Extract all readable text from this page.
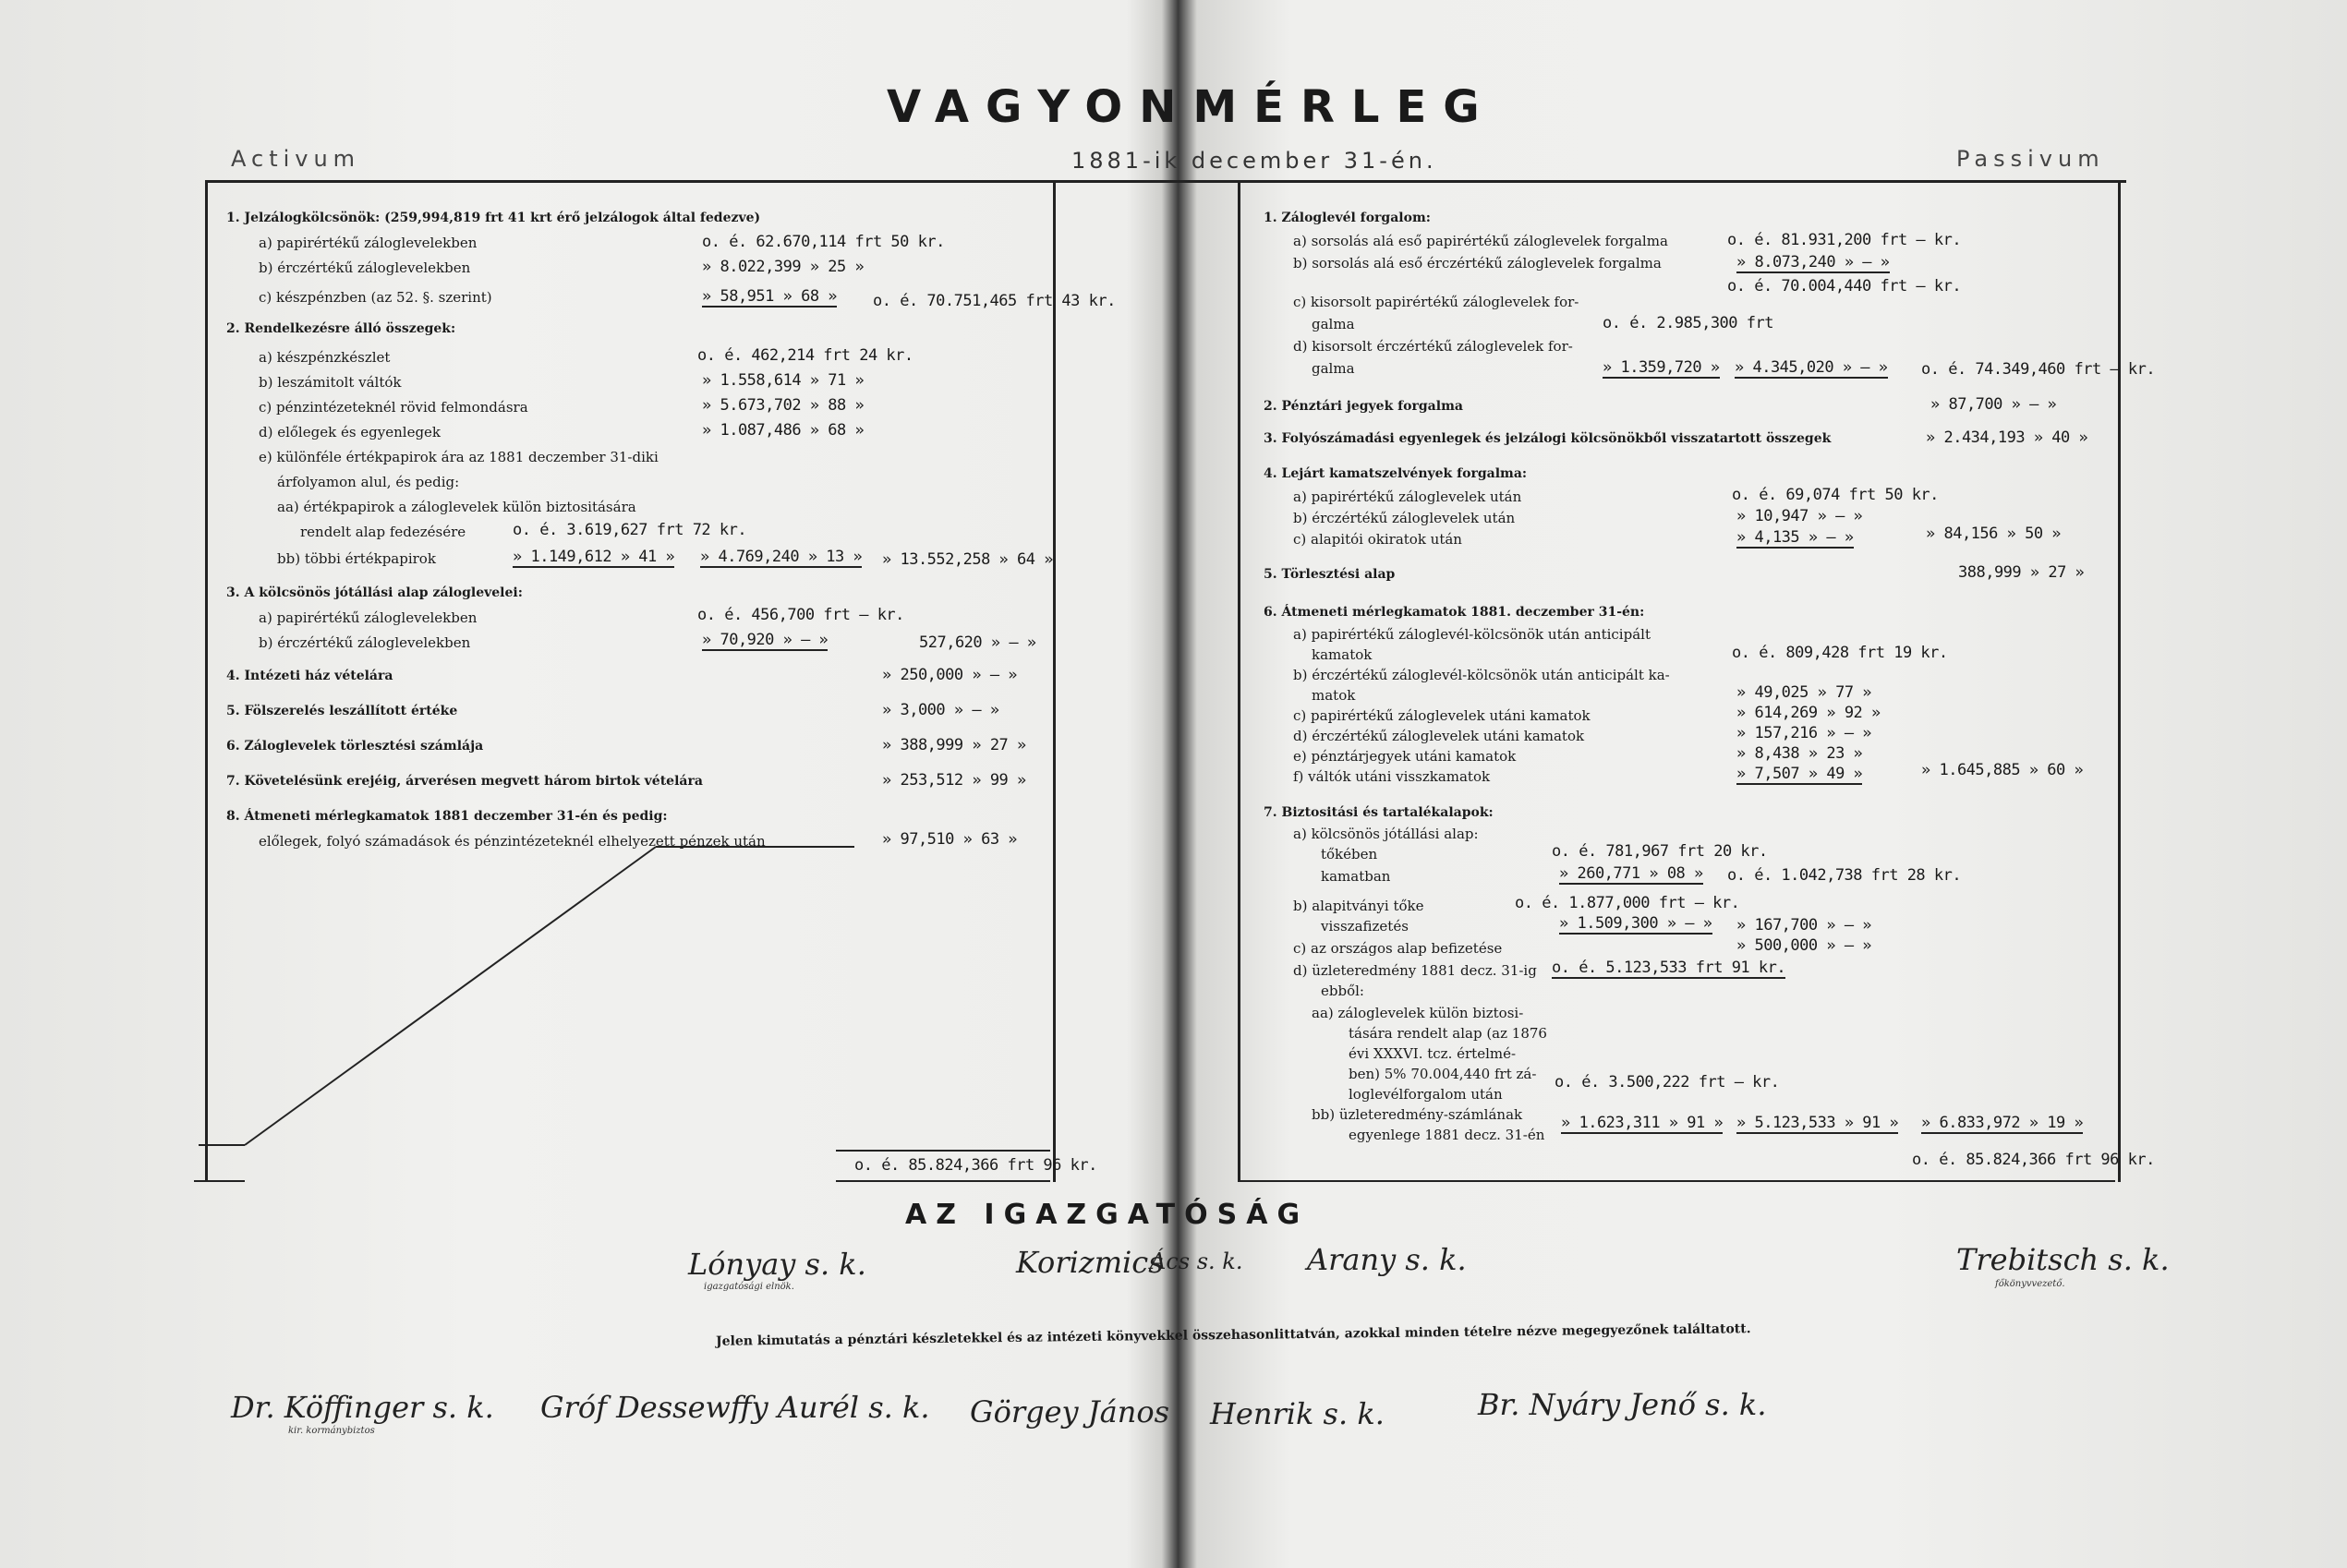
VAGYONMÉRLEG
1881-ik december 31-én.
Activum	Passivum
1. Jelzálogkölcsönök: (259,994,819 frt 41 krt érő jelzálogok által fedezve)
a) papirértékű záloglevelekben	o. é. 62.670,114 frt 50 kr.
b) érczértékű záloglevelekben	» 8.022,399 » 25 »
c) készpénzben (az 52. §. szerint)	» 58,951 » 68 » o. é. 70.751,465 frt 43 kr.
2. Rendelkezésre álló összegek:
a) készpénzkészlet	o. é. 462,214 frt 24 kr.
b) leszámitolt váltók	» 1.558,614 » 71 »
c) pénzintézeteknél rövid felmondásra	» 5.673,702 » 88 »
d) előlegek és egyenlegek	» 1.087,486 » 68 »
e) különféle értékpapirok ára az 1881 deczember 31-diki
árfolyamon alul, és pedig:
aa) értékpapirok a záloglevelek külön biztositására
rendelt alap fedezésére	o. é. 3.619,627 frt 72 kr.
bb) többi értékpapirok	» 1.149,612 » 41 » » 4.769,240 » 13 » » 13.552,258 » 64 »
3. A kölcsönös jótállási alap záloglevelei:
a) papirértékű záloglevelekben	o. é. 456,700 frt — kr.
b) érczértékű záloglevelekben	» 70,920 » — »	527,620 » — »
4. Intézeti ház vételára	» 250,000 » — »
5. Fölszerelés leszállított értéke	» 3,000 » — »
6. Záloglevelek törlesztési számlája	» 388,999 » 27 »
7. Követelésünk erejéig, árverésen megvett három birtok vételára	» 253,512 » 99 »
8. Átmeneti mérlegkamatok 1881 deczember 31-én és pedig:
előlegek, folyó számadások és pénzintézeteknél elhelyezett pénzek után	» 97,510 » 63 »
o. é. 85.824,366 frt 96 kr.
1. Záloglevél forgalom:
a) sorsolás alá eső papirértékű záloglevelek forgalma	o. é. 81.931,200 frt — kr.
b) sorsolás alá eső érczértékű záloglevelek forgalma	» 8.073,240 » — »
o. é. 70.004,440 frt — kr.
c) kisorsolt papirértékű záloglevelek for-
galma	o. é. 2.985,300 frt
d) kisorsolt érczértékű záloglevelek for-
galma	» 1.359,720 » » 4.345,020 » — » o. é. 74.349,460 frt — kr.
2. Pénztári jegyek forgalma	» 87,700 » — »
3. Folyószámadási egyenlegek és jelzálogi kölcsönökből visszatartott összegek	» 2.434,193 » 40 »
4. Lejárt kamatszelvények forgalma:
a) papirértékű záloglevelek után	o. é. 69,074 frt 50 kr.
b) érczértékű záloglevelek után	» 10,947 » — »
c) alapitói okiratok után	» 4,135 » — »	» 84,156 » 50 »
5. Törlesztési alap	388,999 » 27 »
6. Átmeneti mérlegkamatok 1881. deczember 31-én:
a) papirértékű záloglevél-kölcsönök után anticipált
kamatok	o. é. 809,428 frt 19 kr.
b) érczértékű záloglevél-kölcsönök után anticipált ka-
matok	» 49,025 » 77 »
c) papirértékű záloglevelek utáni kamatok	» 614,269 » 92 »
d) érczértékű záloglevelek utáni kamatok	» 157,216 » — »
e) pénztárjegyek utáni kamatok	» 8,438 » 23 »
f) váltók utáni visszkamatok	» 7,507 » 49 »	» 1.645,885 » 60 »
7. Biztositási és tartalékalapok:
a) kölcsönös jótállási alap:
tőkében	o. é. 781,967 frt 20 kr.
kamatban	» 260,771 » 08 » o. é. 1.042,738 frt 28 kr.
b) alapitványi tőke	o. é. 1.877,000 frt — kr.
visszafizetés	» 1.509,300 » — » » 167,700 » — »
c) az országos alap befizetése	» 500,000 » — »
d) üzleteredmény 1881 decz. 31-ig o. é. 5.123,533 frt 91 kr.
ebből:
aa) záloglevelek külön biztosi-
tására rendelt alap (az 1876
évi XXXVI. tcz. értelmé-
ben) 5% 70.004,440 frt zá-
loglevélforgalom után
o. é. 3.500,222 frt — kr.
bb) üzleteredmény-számlának
egyenlege 1881 decz. 31-én
» 1.623,311 » 91 » » 5.123,533 » 91 » » 6.833,972 » 19 »
o. é. 85.824,366 frt 96 kr.
AZ IGAZGATÓSÁG
Lónyay s. k.
igazgatósági elnök.
Korizmics
Ács s. k. Arany s. k.	Trebitsch s. k.
főkönyvvezető.
Jelen kimutatás a pénztári készletekkel és az intézeti könyvekkel összehasonlittatván, azokkal minden tételre nézve megegyezőnek találtatott.
Dr. Köffinger s. k.
kir. kormánybiztos
Gróf Dessewffy Aurél s. k. Görgey János Henrik s. k.	Br. Nyáry Jenő s. k.
